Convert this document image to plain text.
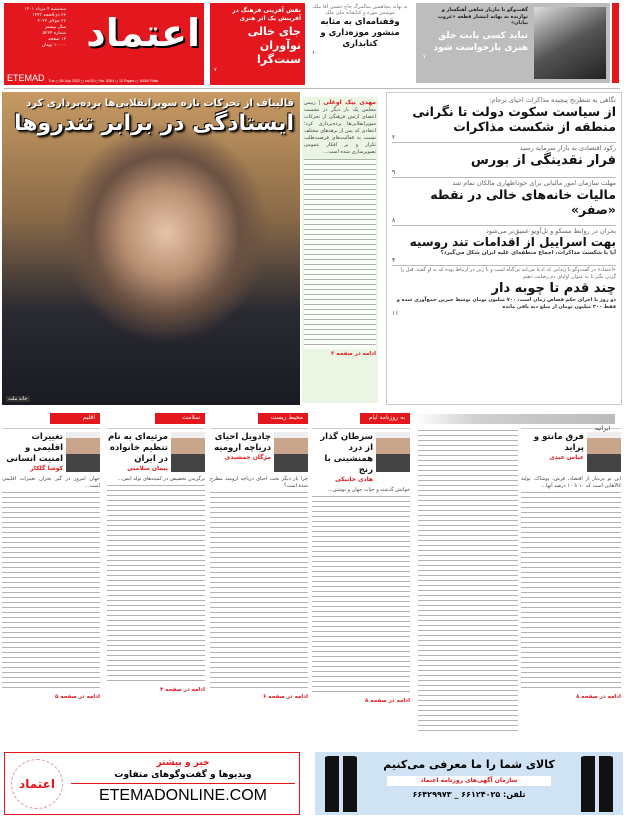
اعتماد
سه‌شنبه ۴ مرداد ۱۴۰۱
۲۶ ذی‌الحجه ۱۴۴۳
۲۶ جولای ۲۰۲۲
سال بیستم
شماره ۵۲۶۴
۱۲ صفحه
۱۰۰۰۰ تومان
ETEMAD Tue ◻ 26 July 2022 ◻ vol.20 ◻ No. 5264 ◻ 12 Pages ◻ 10000 Rials
نقش آفرینی فرهنگ در آفرینش یک اثر هنری
جای خالی نوآوران سنت‌گرا
۷
به بهانه پنجاهمین سالمرگ حاج حسین آقا ملک موسس موزه و کتابخانه ملی ملک
وقفنامه‌ای به مثابه منشور موزه‌داری و کتابداری
۱۰
گفت‌وگو با مازیار شاهی آهنگساز و نوازنده به بهانه انتشار قطعه «غروب بیابان»
نباید کسی بابت خلق هنری بازخواست شود
۷
قالیباف از تحرکات تازه سوپرانقلابی‌ها پرده‌برداری کرد
ایستادگی در برابر تندروها
خانه ملت
مهدی بیک اوغلی | رییس مجلس یک بار دیگر در نشست اعضای ارتش فرهنگی از تحرکات سوپرانقلابی‌ها پرده‌برداری کرد؛ انتقادی که پس از برهه‌های مختلف نسبت به فعالیت‌های فرصت‌طلب تکرار و بر افکار عمومی تصویرسازی شده است...
ادامه در صفحه ۲
نگاهی به شطرنج پیچیده مذاکرات احیای برجام:
از سیاست سکوت دولت تا نگرانی منطقه از شکست مذاکرات
۲
رکود اقتصادی به بازار سرمایه رسید
فرار نقدینگی از بورس
۹
مهلت سازمان امور مالیاتی برای خوداظهاری مالکان تمام شد
مالیات خانه‌های خالی در نقطه «صفر»
۸
بحران در روابط مسکو و تل‌آویو عمیق‌تر می‌شود
بهت اسراییل از اقدامات تند روسیه
آیا با شکست مذاکرات، اجماع منطقه‌ای علیه ایران شکل می‌گیرد؟
۴
«اعتماد» در گفت‌وگو با زندانی که ادعا می‌کند بی‌گناه است و با زنی در ارتباط بوده که به او گفته، قتل را گردن بگیر تا به عنوان اولیای دم رضایت دهیم
چند قدم تا چوبه دار
دو روز تا اجرای حکم قصاص زمان است، ۷۰۰ میلیون تومان توسط خیرین جمع‌آوری شده و فقط ۳۰۰ میلیون تومان از مبلغ دیه باقی مانده
۱۱
اقلیم
تغییرات اقلیمی و امنیت انسانی
کوشا گلکار
جهان امروز در گیر بحران تغییرات اقلیمی است...
ادامه در صفحه ۵
سلامت
مرثیه‌ای به نام تنظیم خانواده در ایران
پیمان سلامتی
برگزیدن تخصیص در کمیته‌های تولد ایمن...
ادامه در صفحه ۴
محیط زیست
چادویل احیای دریاچه ارومیه
مژگان جمشیدی
چرا بار دیگر بحث احیای دریاچه ارومیه مطرح شده است؟
ادامه در صفحه ۶
به روزنامه ایام
سرطان گذار از درد همنشینی با رنج
هادی خانیکی
خوانش گذشته و حیات جهان و نوشتن...
ادامه در صفحه ۸
فرق مانتو و پراید
عباس عبدی
این تو بی‌نیاز از اقتصاد، فرش، پوشاک، تولید کالاهایی است که ۱۰ تا ۱۰ درصد آنها...
ادامه در صفحه ۸
ایرانیه
اعتماد
خبر و بیشتر
ویدیوها و گفت‌وگوهای متفاوت
ETEMADONLINE.COM
کالای شما را ما معرفی می‌کنیم
سازمان آگهی‌های روزنامه اعتماد
تلفن: ۶۶۱۲۴۰۲۵ _ ۶۶۴۲۹۹۷۳
